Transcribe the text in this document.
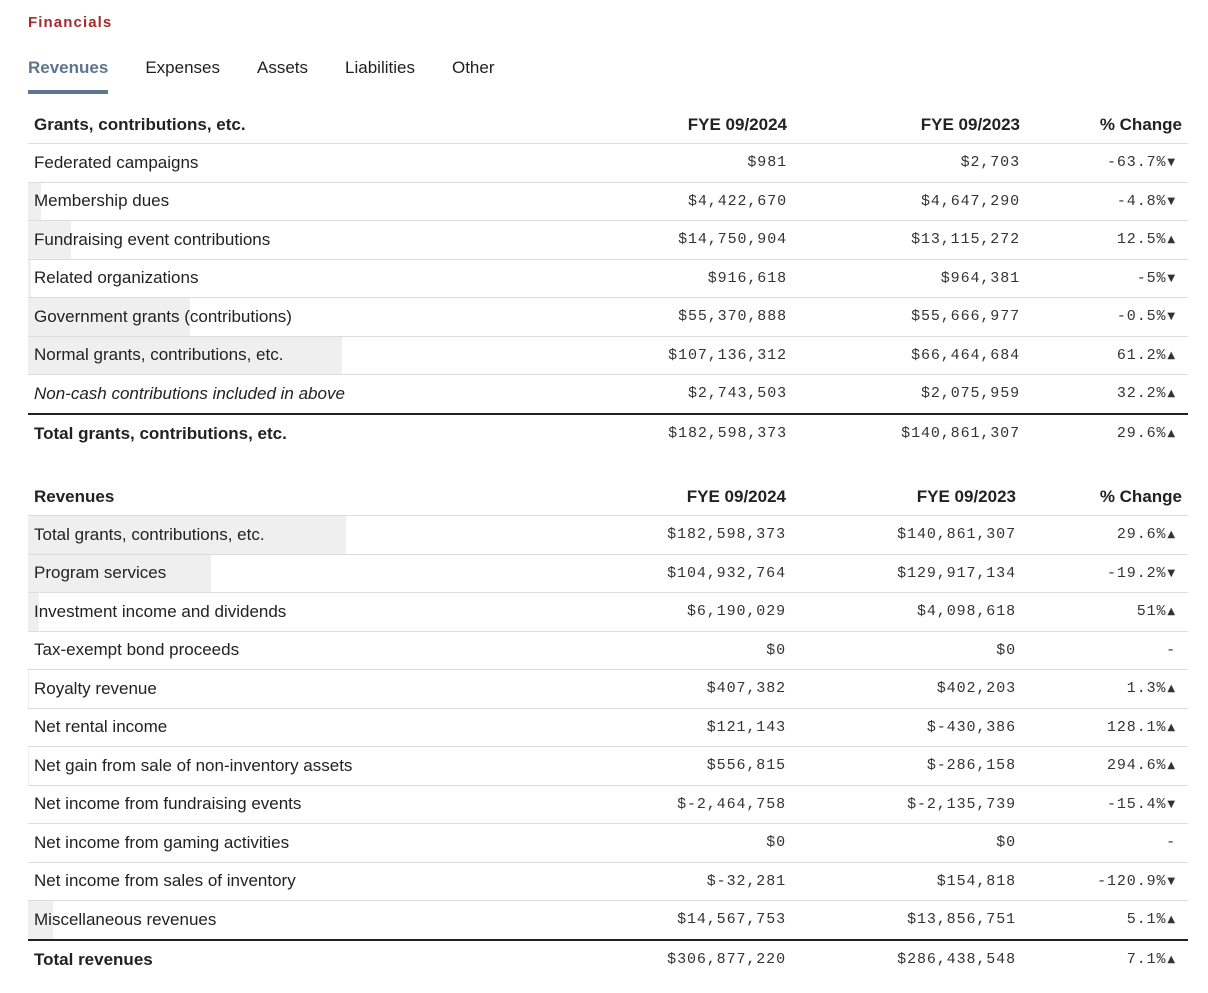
Financials
Revenues Expenses Assets Liabilities Other
Grants, contributions, etc.	FYE 09/2024	FYE 09/2023	% Change

Federated campaigns	$981	$2,703	-63.7%▼

Membership dues	$4,422,670	$4,647,290	-4.8%▼

Fundraising event contributions	$14,750,904	$13,115,272	12.5%▲

Related organizations	$916,618	$964,381	-5%▼

Government grants (contributions)	$55,370,888	$55,666,977	-0.5%▼

Normal grants, contributions, etc.	$107,136,312	$66,464,684	61.2%▲

Non-cash contributions included in above	$2,743,503	$2,075,959	32.2%▲
Total grants, contributions, etc.	$182,598,373	$140,861,307	29.6%▲
Revenues	FYE 09/2024	FYE 09/2023	% Change

Total grants, contributions, etc.	$182,598,373	$140,861,307	29.6%▲

Program services	$104,932,764	$129,917,134	-19.2%▼

Investment income and dividends	$6,190,029	$4,098,618	51%▲

Tax-exempt bond proceeds	$0	$0	-

Royalty revenue	$407,382	$402,203	1.3%▲

Net rental income	$121,143	$-430,386	128.1%▲

Net gain from sale of non-inventory assets	$556,815	$-286,158	294.6%▲

Net income from fundraising events	$-2,464,758	$-2,135,739	-15.4%▼

Net income from gaming activities	$0	$0	-

Net income from sales of inventory	$-32,281	$154,818	-120.9%▼

Miscellaneous revenues	$14,567,753	$13,856,751	5.1%▲
Total revenues	$306,877,220	$286,438,548	7.1%▲
